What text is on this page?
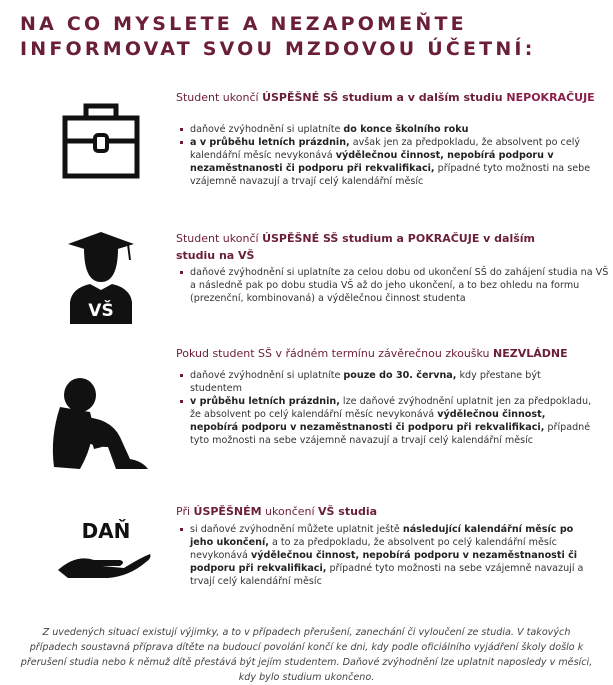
NA CO MYSLETE A NEZAPOMEŇTE
INFORMOVAT SVOU MZDOVOU ÚČETNÍ:
VŠ
DAŇ
Student ukončí ÚSPĚŠNÉ SŠ studium a v dalším studiu NEPOKRAČUJE
daňové zvýhodnění si uplatníte do konce školního roku
a v průběhu letních prázdnin, avšak jen za předpokladu, že absolvent po celý kalendářní měsíc nevykonává výdělečnou činnost, nepobírá podporu v nezaměstnanosti či podporu při rekvalifikaci, případné tyto možnosti na sebe vzájemně navazují a trvají celý kalendářní měsíc
Student ukončí ÚSPĚŠNÉ SŠ studium a POKRAČUJE v dalším studiu na VŠ
daňové zvýhodnění si uplatníte za celou dobu od ukončení SŠ do zahájení studia na VŠ a následně pak po dobu studia VŠ až do jeho ukončení, a to bez ohledu na formu (prezenční, kombinovaná) a výdělečnou činnost studenta
Pokud student SŠ v řádném termínu závěrečnou zkoušku NEZVLÁDNE
daňové zvýhodnění si uplatníte pouze do 30. června, kdy přestane být studentem
v průběhu letních prázdnin, lze daňové zvýhodnění uplatnit jen za předpokladu, že absolvent po celý kalendářní měsíc nevykonává výdělečnou činnost, nepobírá podporu v nezaměstnanosti či podporu při rekvalifikaci, případné tyto možnosti na sebe vzájemně navazují a trvají celý kalendářní měsíc
Při ÚSPĚŠNÉM ukončení VŠ studia
si daňové zvýhodnění můžete uplatnit ještě následující kalendářní měsíc po jeho ukončení, a to za předpokladu, že absolvent po celý kalendářní měsíc nevykonává výdělečnou činnost, nepobírá podporu v nezaměstnanosti či podporu při rekvalifikaci, případné tyto možnosti na sebe vzájemně navazují a trvají celý kalendářní měsíc
Z uvedených situací existují výjimky, a to v případech přerušení, zanechání či vyloučení ze studia. V takových případech soustavná příprava dítěte na budoucí povolání končí ke dni, kdy podle oficiálního vyjádření školy došlo k přerušení studia nebo k němuž dítě přestává být jejím studentem. Daňové zvýhodnění lze uplatnit naposledy v měsíci, kdy bylo studium ukončeno.
